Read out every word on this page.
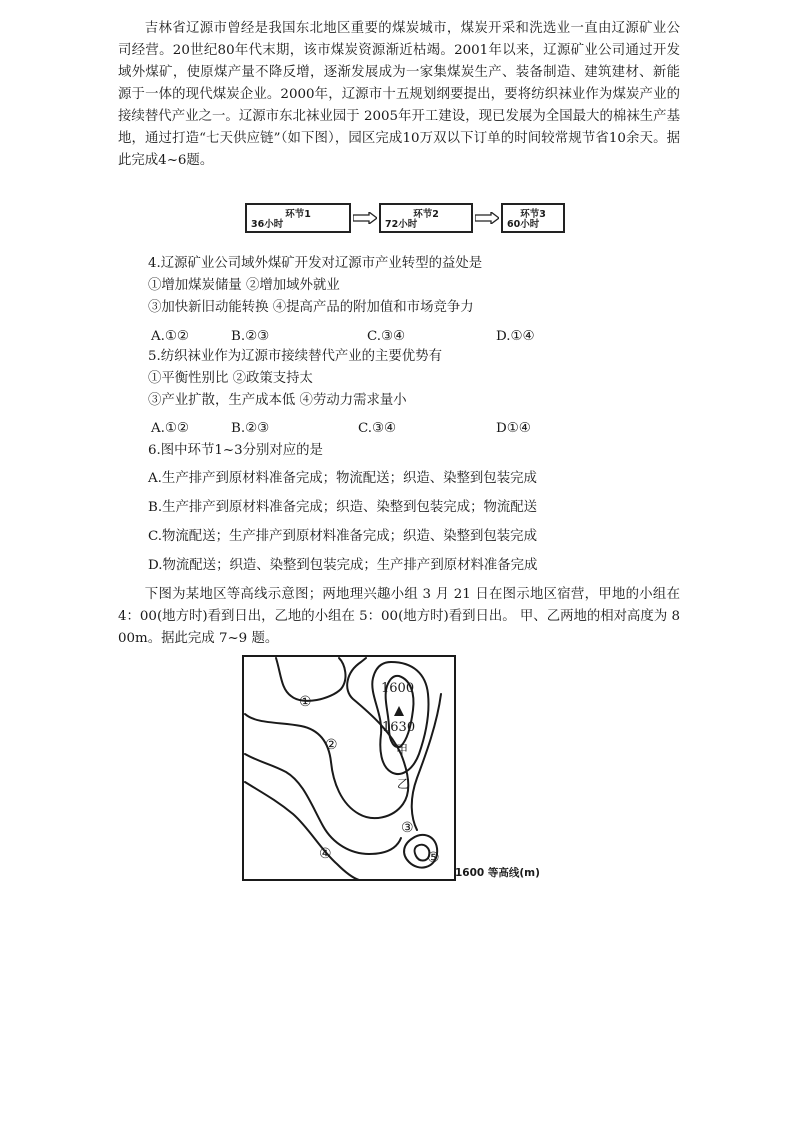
吉林省辽源市曾经是我国东北地区重要的煤炭城市，煤炭开采和洗选业一直由辽源矿业公司经营。20世纪80年代末期，该市煤炭资源渐近枯竭。2001年以来，辽源矿业公司通过开发域外煤矿，使原煤产量不降反增，逐渐发展成为一家集煤炭生产、装备制造、建筑建材、新能源于一体的现代煤炭企业。2000年，辽源市十五规划纲要提出，要将纺织袜业作为煤炭产业的接续替代产业之一。辽源市东北袜业园于 2005年开工建设，现已发展为全国最大的棉袜生产基地，通过打造“七天供应链”（如下图），园区完成10万双以下订单的时间较常规节省10余天。据此完成4~6题。

环节1
36小时
环节2
72小时
环节3
60小时

4.辽源矿业公司域外煤矿开发对辽源市产业转型的益处是

①增加煤炭储量 ②增加域外就业

③加快新旧动能转换 ④提高产品的附加值和市场竞争力

A.①②	B.②③	C.③④	D.①④

5.纺织袜业作为辽源市接续替代产业的主要优势有

①平衡性别比 ②政策支持太

③产业扩散，生产成本低 ④劳动力需求量小

A.①②	B.②③	C.③④	D①④

6.图中环节1~3分别对应的是

A.生产排产到原材料准备完成；物流配送；织造、染整到包装完成

B.生产排产到原材料准备完成；织造、染整到包装完成；物流配送

C.物流配送；生产排产到原材料准备完成；织造、染整到包装完成

D.物流配送；织造、染整到包装完成；生产排产到原材料准备完成

下图为某地区等高线示意图；两地理兴趣小组 3 月 21 日在图示地区宿营，甲地的小组在 4：00(地方时)看到日出，乙地的小组在 5：00(地方时)看到日出。 甲、乙两地的相对高度为 800m。据此完成 7~9 题。

1600
1630
甲
乙
①
②
③
④	⑤
1600 等高线(m)
